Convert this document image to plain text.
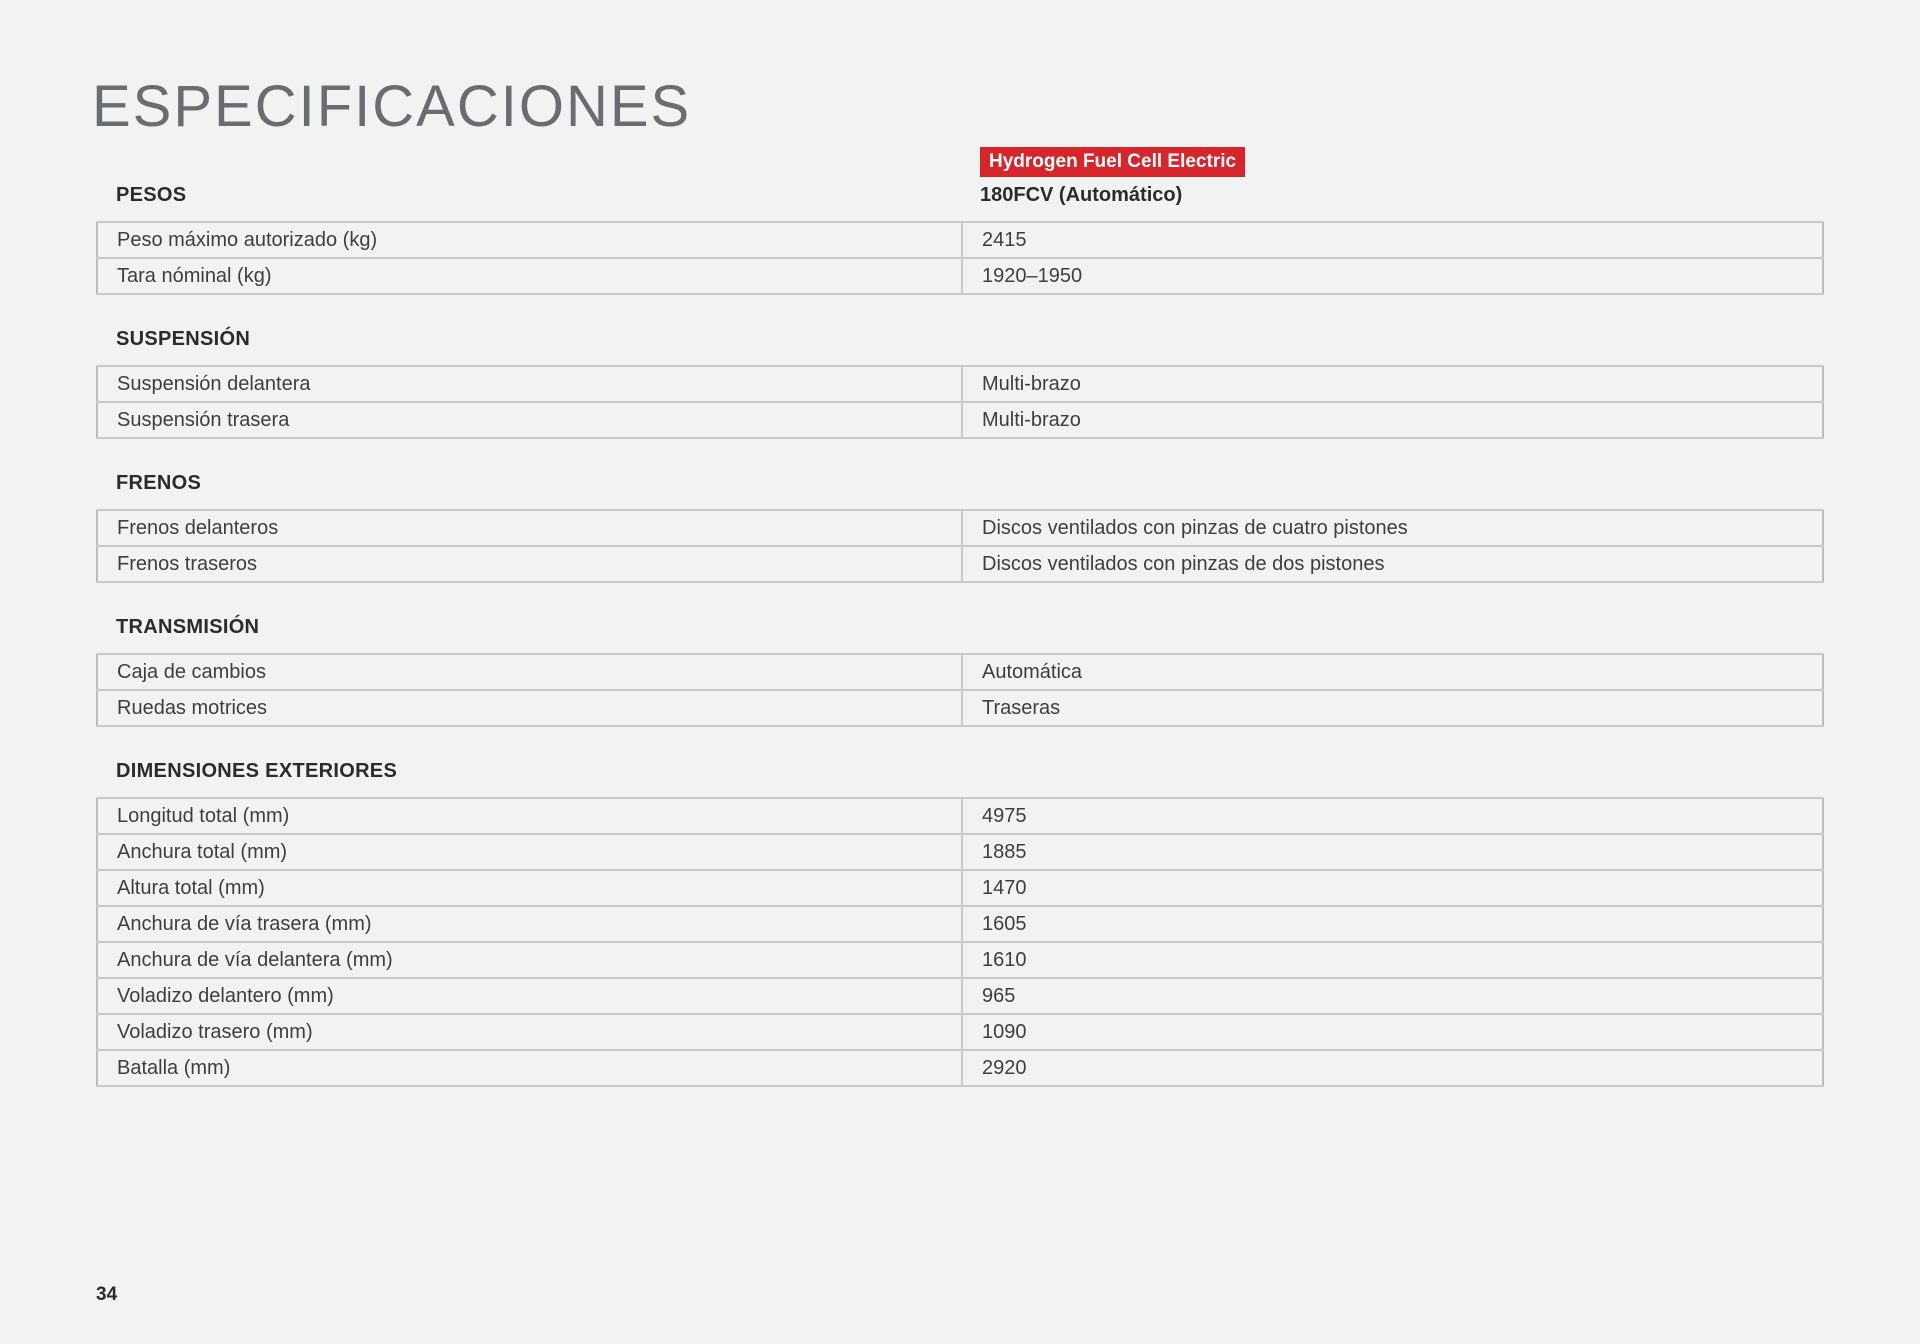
ESPECIFICACIONES
Hydrogen Fuel Cell Electric
180FCV (Automático)
PESOS
Peso máximo autorizado (kg)	2415
Tara nóminal (kg)	1920–1950
SUSPENSIÓN
Suspensión delantera	Multi-brazo
Suspensión trasera	Multi-brazo
FRENOS
Frenos delanteros	Discos ventilados con pinzas de cuatro pistones
Frenos traseros	Discos ventilados con pinzas de dos pistones
TRANSMISIÓN
Caja de cambios	Automática
Ruedas motrices	Traseras
DIMENSIONES EXTERIORES
Longitud total (mm)	4975
Anchura total (mm)	1885
Altura total (mm)	1470
Anchura de vía trasera (mm)	1605
Anchura de vía delantera (mm)	1610
Voladizo delantero (mm)	965
Voladizo trasero (mm)	1090
Batalla (mm)	2920
34
